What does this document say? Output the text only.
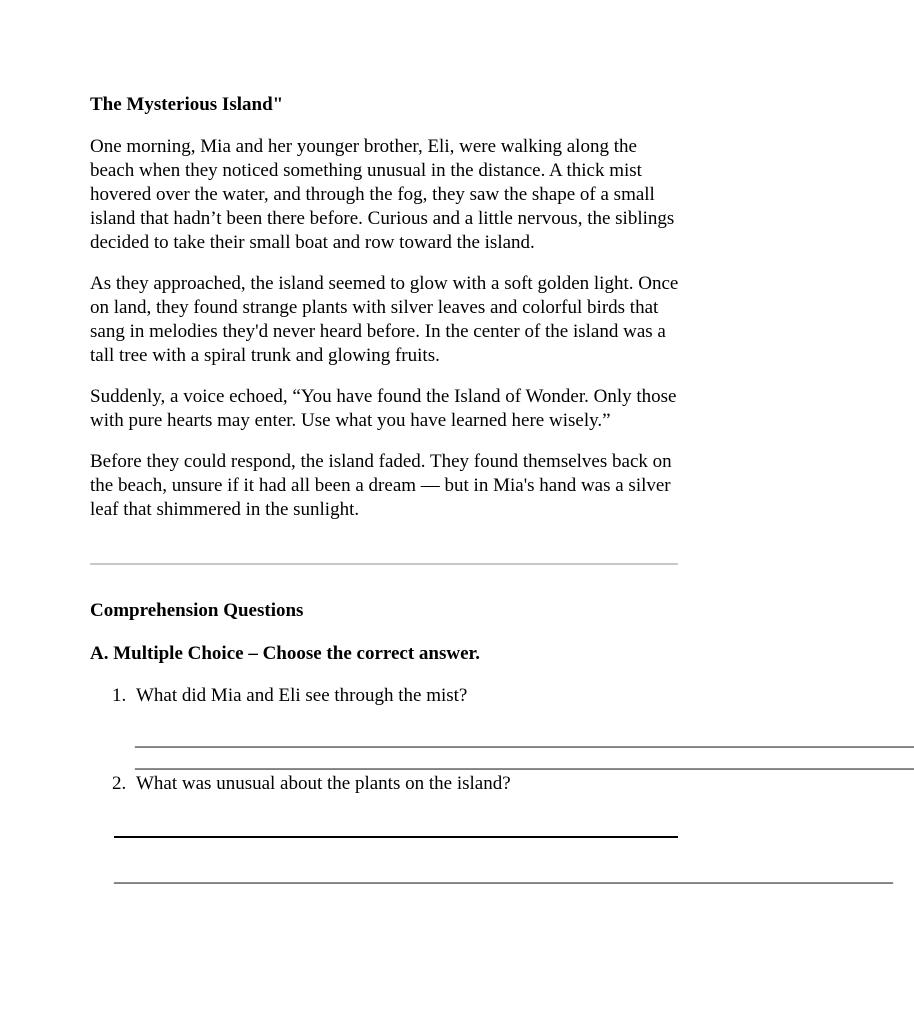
The Mysterious Island"

One morning, Mia and her younger brother, Eli, were walking along the beach when they noticed something unusual in the distance. A thick mist hovered over the water, and through the fog, they saw the shape of a small island that hadn’t been there before. Curious and a little nervous, the siblings decided to take their small boat and row toward the island.

As they approached, the island seemed to glow with a soft golden light. Once on land, they found strange plants with silver leaves and colorful birds that sang in melodies they'd never heard before. In the center of the island was a tall tree with a spiral trunk and glowing fruits.

Suddenly, a voice echoed, “You have found the Island of Wonder. Only those with pure hearts may enter. Use what you have learned here wisely.”

Before they could respond, the island faded. They found themselves back on the beach, unsure if it had all been a dream — but in Mia's hand was a silver leaf that shimmered in the sunlight.

Comprehension Questions
A. Multiple Choice – Choose the correct answer.
1. What did Mia and Eli see through the mist?
__________________________________________________________________________________
__________________________________________________________________________________
2. What was unusual about the plants on the island?
__________________________________________________________________________________
